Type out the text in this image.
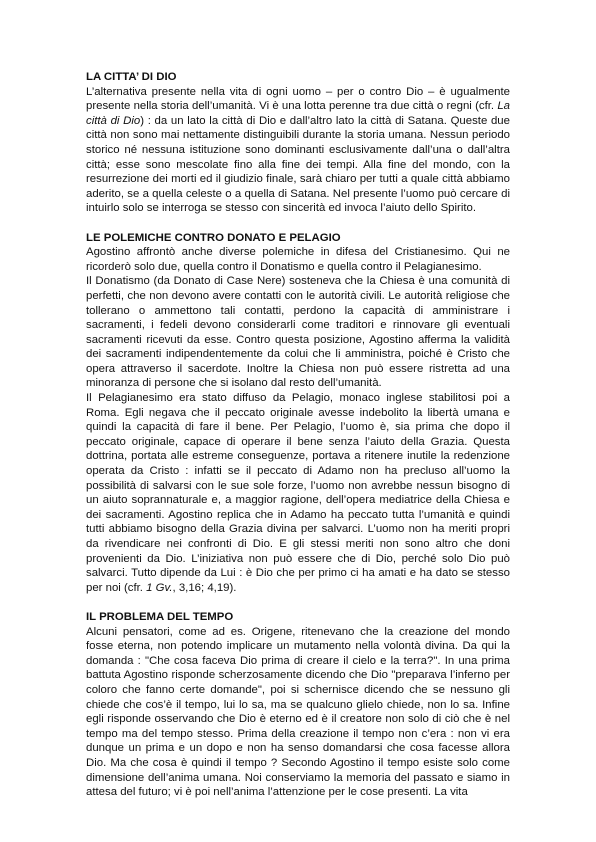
LA CITTA’ DI DIO
L’alternativa presente nella vita di ogni uomo – per o contro Dio – è ugualmente presente nella storia dell’umanità. Vi è una lotta perenne tra due città o regni (cfr. La città di Dio) : da un lato la città di Dio e dall’altro lato la città di Satana. Queste due città non sono mai nettamente distinguibili durante la storia umana. Nessun periodo storico né nessuna istituzione sono dominanti esclusivamente dall’una o dall’altra città; esse sono mescolate fino alla fine dei tempi. Alla fine del mondo, con la resurrezione dei morti ed il giudizio finale, sarà chiaro per tutti a quale città abbiamo aderito, se a quella celeste o a quella di Satana. Nel presente l’uomo può cercare di intuirlo solo se interroga se stesso con sincerità ed invoca l’aiuto dello Spirito.
LE POLEMICHE CONTRO DONATO E PELAGIO
Agostino affrontò anche diverse polemiche in difesa del Cristianesimo. Qui ne ricorderò solo due, quella contro il Donatismo e quella contro il Pelagianesimo.
Il Donatismo (da Donato di Case Nere) sosteneva che la Chiesa è una comunità di perfetti, che non devono avere contatti con le autorità civili. Le autorità religiose che tollerano o ammettono tali contatti, perdono la capacità di amministrare i sacramenti, i fedeli devono considerarli come traditori e rinnovare gli eventuali sacramenti ricevuti da esse. Contro questa posizione, Agostino afferma la validità dei sacramenti indipendentemente da colui che li amministra, poiché è Cristo che opera attraverso il sacerdote. Inoltre la Chiesa non può essere ristretta ad una minoranza di persone che si isolano dal resto dell’umanità.
Il Pelagianesimo era stato diffuso da Pelagio, monaco inglese stabilitosi poi a Roma. Egli negava che il peccato originale avesse indebolito la libertà umana e quindi la capacità di fare il bene. Per Pelagio, l’uomo è, sia prima che dopo il peccato originale, capace di operare il bene senza l’aiuto della Grazia. Questa dottrina, portata alle estreme conseguenze, portava a ritenere inutile la redenzione operata da Cristo : infatti se il peccato di Adamo non ha precluso all’uomo la possibilità di salvarsi con le sue sole forze, l’uomo non avrebbe nessun bisogno di un aiuto soprannaturale e, a maggior ragione, dell’opera mediatrice della Chiesa e dei sacramenti. Agostino replica che in Adamo ha peccato tutta l’umanità e quindi tutti abbiamo bisogno della Grazia divina per salvarci. L’uomo non ha meriti propri da rivendicare nei confronti di Dio. E gli stessi meriti non sono altro che doni provenienti da Dio. L’iniziativa non può essere che di Dio, perché solo Dio può salvarci. Tutto dipende da Lui : è Dio che per primo ci ha amati e ha dato se stesso per noi (cfr. 1 Gv., 3,16; 4,19).
IL PROBLEMA DEL TEMPO
Alcuni pensatori, come ad es. Origene, ritenevano che la creazione del mondo fosse eterna, non potendo implicare un mutamento nella volontà divina. Da qui la domanda : "Che cosa faceva Dio prima di creare il cielo e la terra?". In una prima battuta Agostino risponde scherzosamente dicendo che Dio "preparava l’inferno per coloro che fanno certe domande", poi si schernisce dicendo che se nessuno gli chiede che cos’è il tempo, lui lo sa, ma se qualcuno glielo chiede, non lo sa. Infine egli risponde osservando che Dio è eterno ed è il creatore non solo di ciò che è nel tempo ma del tempo stesso. Prima della creazione il tempo non c’era : non vi era dunque un prima e un dopo e non ha senso domandarsi che cosa facesse allora Dio. Ma che cosa è quindi il tempo ? Secondo Agostino il tempo esiste solo come dimensione dell’anima umana. Noi conserviamo la memoria del passato e siamo in attesa del futuro; vi è poi nell’anima l’attenzione per le cose presenti. La vita
